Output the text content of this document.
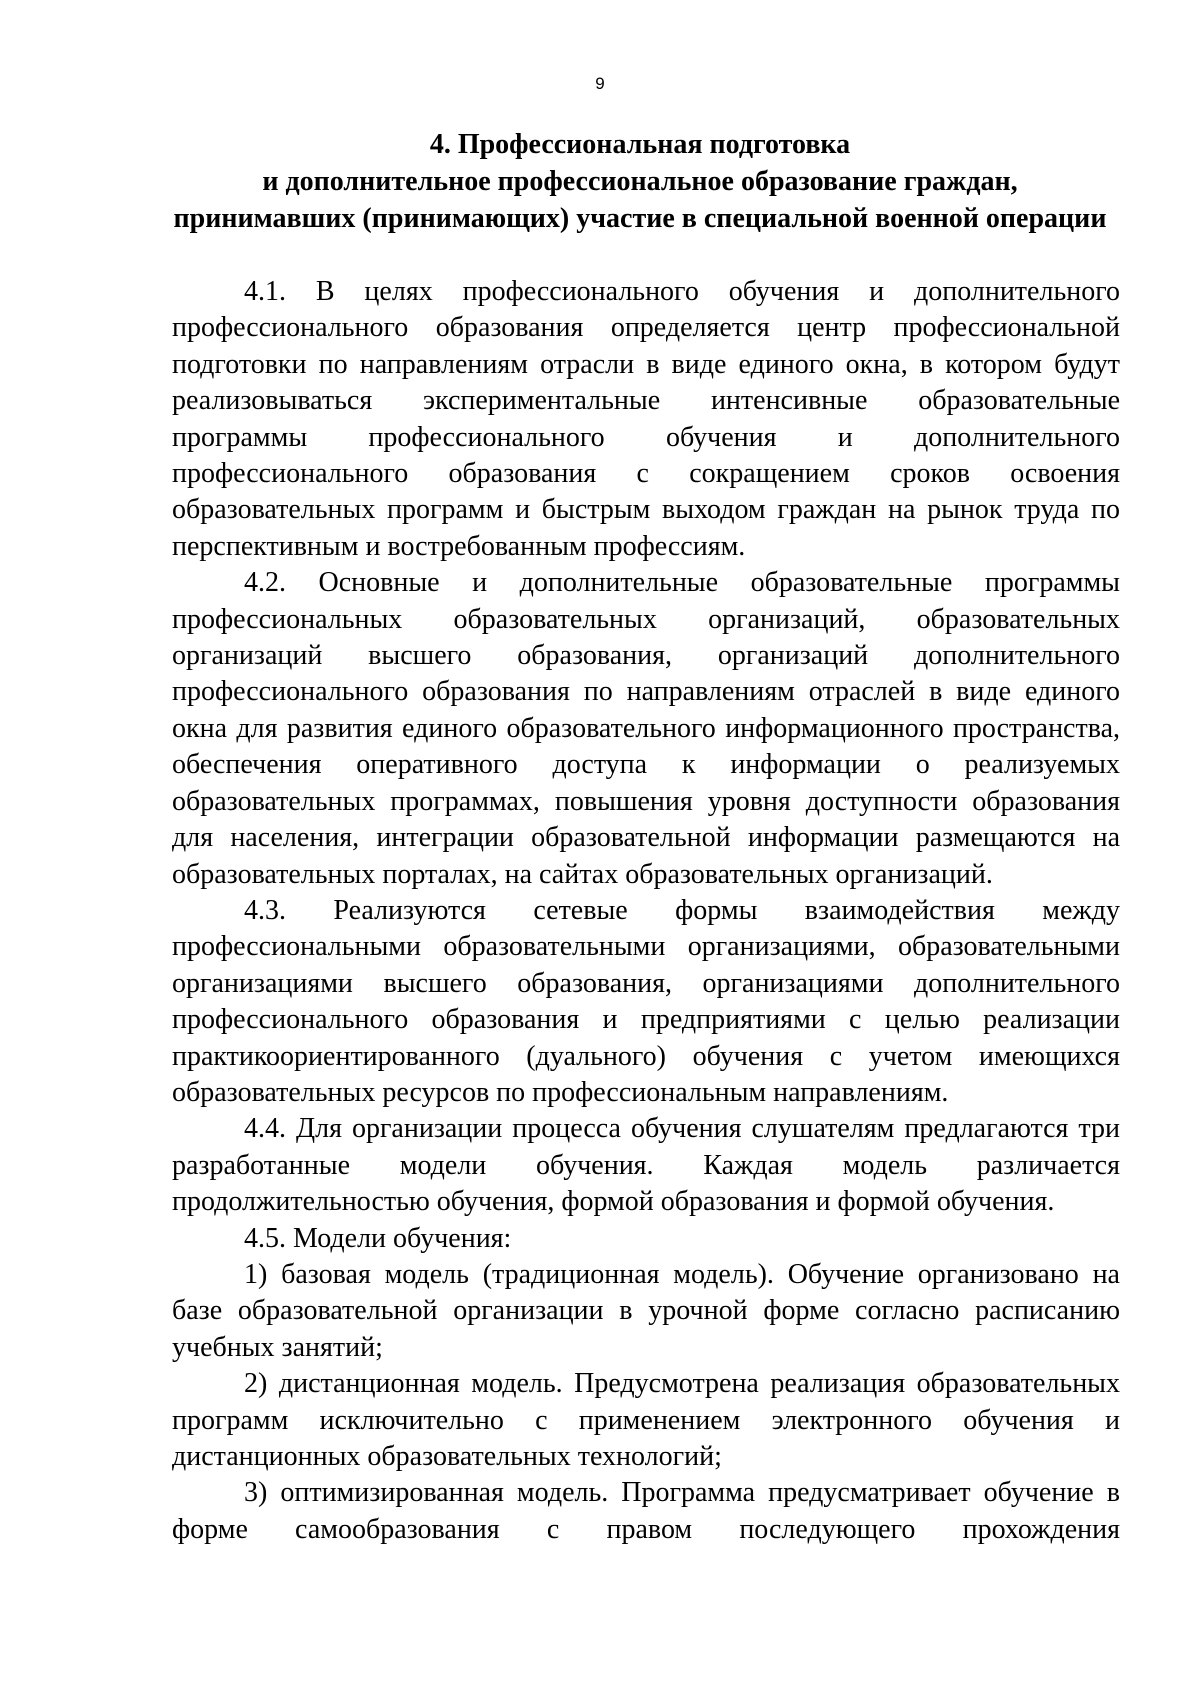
9
4. Профессиональная подготовка
и дополнительное профессиональное образование граждан,
принимавших (принимающих) участие в специальной военной операции

4.1. В целях профессионального обучения и дополнительного профессионального образования определяется центр профессиональной подготовки по направлениям отрасли в виде единого окна, в котором будут реализовываться экспериментальные интенсивные образовательные программы профессионального обучения и дополнительного профессионального образования с сокращением сроков освоения образовательных программ и быстрым выходом граждан на рынок труда по перспективным и востребованным профессиям.

4.2. Основные и дополнительные образовательные программы профессиональных образовательных организаций, образовательных организаций высшего образования, организаций дополнительного профессионального образования по направлениям отраслей в виде единого окна для развития единого образовательного информационного пространства, обеспечения оперативного доступа к информации о реализуемых образовательных программах, повышения уровня доступности образования для населения, интеграции образовательной информации размещаются на образовательных порталах, на сайтах образовательных организаций.

4.3. Реализуются сетевые формы взаимодействия между профессиональными образовательными организациями, образовательными организациями высшего образования, организациями дополнительного профессионального образования и предприятиями с целью реализации практикоориентированного (дуального) обучения с учетом имеющихся образовательных ресурсов по профессиональным направлениям.

4.4. Для организации процесса обучения слушателям предлагаются три разработанные модели обучения. Каждая модель различается продолжительностью обучения, формой образования и формой обучения.

4.5. Модели обучения:

1) базовая модель (традиционная модель). Обучение организовано на базе образовательной организации в урочной форме согласно расписанию учебных занятий;

2) дистанционная модель. Предусмотрена реализация образовательных программ исключительно с применением электронного обучения и дистанционных образовательных технологий;

3) оптимизированная модель. Программа предусматривает обучение в форме самообразования с правом последующего прохождения
